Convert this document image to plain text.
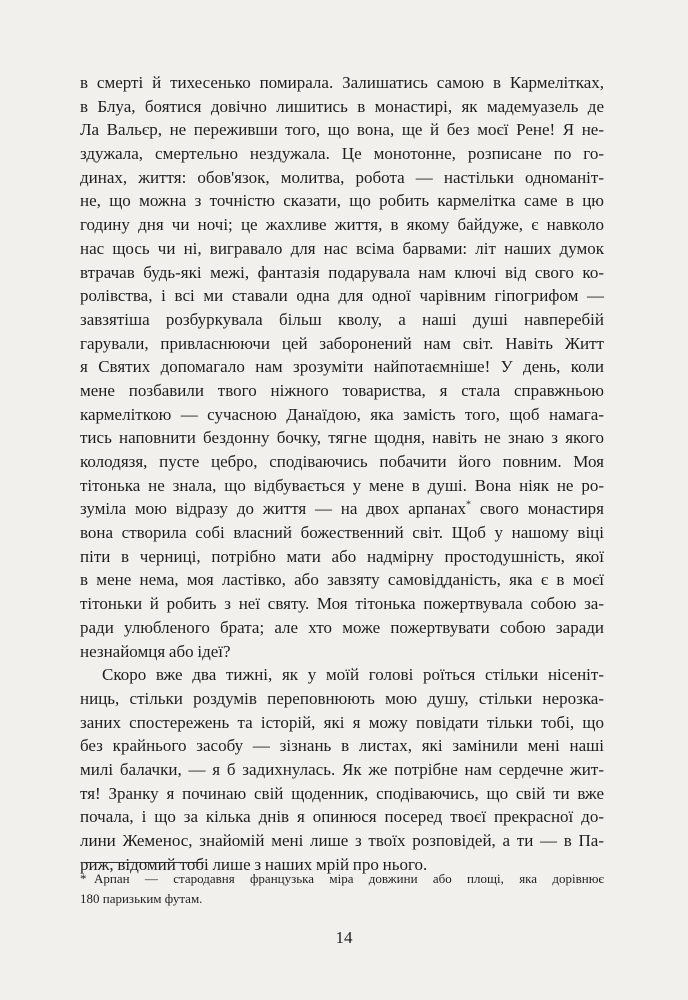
в смерті й тихесенько помирала. Залишатись самою в Кармелітках,
в Блуа, боятися довічно лишитись в монастирі, як мадемуазель де
Ла Вальєр, не переживши того, що вона, ще й без моєї Рене! Я не-
здужала, смертельно нездужала. Це монотонне, розписане по го-
динах, життя: обов'язок, молитва, робота — настільки одноманіт-
не, що можна з точністю сказати, що робить кармелітка саме в цю
годину дня чи ночі; це жахливе життя, в якому байдуже, є навколо
нас щось чи ні, вигравало для нас всіма барвами: літ наших думок
втрачав будь-які межі, фантазія подарувала нам ключі від свого ко-
ролівства, і всі ми ставали одна для одної чарівним гіпогрифом —
завзятіша розбуркувала більш кволу, а наші душі навперебій
гарували, привласнюючи цей заборонений нам світ. Навіть Житт
я Святих допомагало нам зрозуміти найпотаємніше! У день, коли
мене позбавили твого ніжного товариства, я стала справжньою
кармеліткою — сучасною Данаїдою, яка замість того, щоб намага-
тись наповнити бездонну бочку, тягне щодня, навіть не знаю з якого
колодязя, пусте цебро, сподіваючись побачити його повним. Моя
тітонька не знала, що відбувається у мене в душі. Вона ніяк не ро-
зуміла мою відразу до життя — на двох арпанах* свого монастиря
вона створила собі власний божественний світ. Щоб у нашому віці
піти в черниці, потрібно мати або надмірну простодушність, якої
в мене нема, моя ластівко, або завзяту самовідданість, яка є в моєї
тітоньки й робить з неї святу. Моя тітонька пожертвувала собою за-
ради улюбленого брата; але хто може пожертвувати собою заради
незнайомця або ідеї?
Скоро вже два тижні, як у моїй голові роїться стільки нісеніт-
ниць, стільки роздумів переповнюють мою душу, стільки нерозка-
заних спостережень та історій, які я можу повідати тільки тобі, що
без крайнього засобу — зізнань в листах, які замінили мені наші
милі балачки, — я б задихнулась. Як же потрібне нам сердечне жит-
тя! Зранку я починаю свій щоденник, сподіваючись, що свій ти вже
почала, і що за кілька днів я опинюся посеред твоєї прекрасної до-
лини Жеменос, знайомій мені лише з твоїх розповідей, а ти — в Па-
риж, відомий тобі лише з наших мрій про нього.
* Арпан — стародавня французька міра довжини або площі, яка дорівнює
180 паризьким футам.
14
